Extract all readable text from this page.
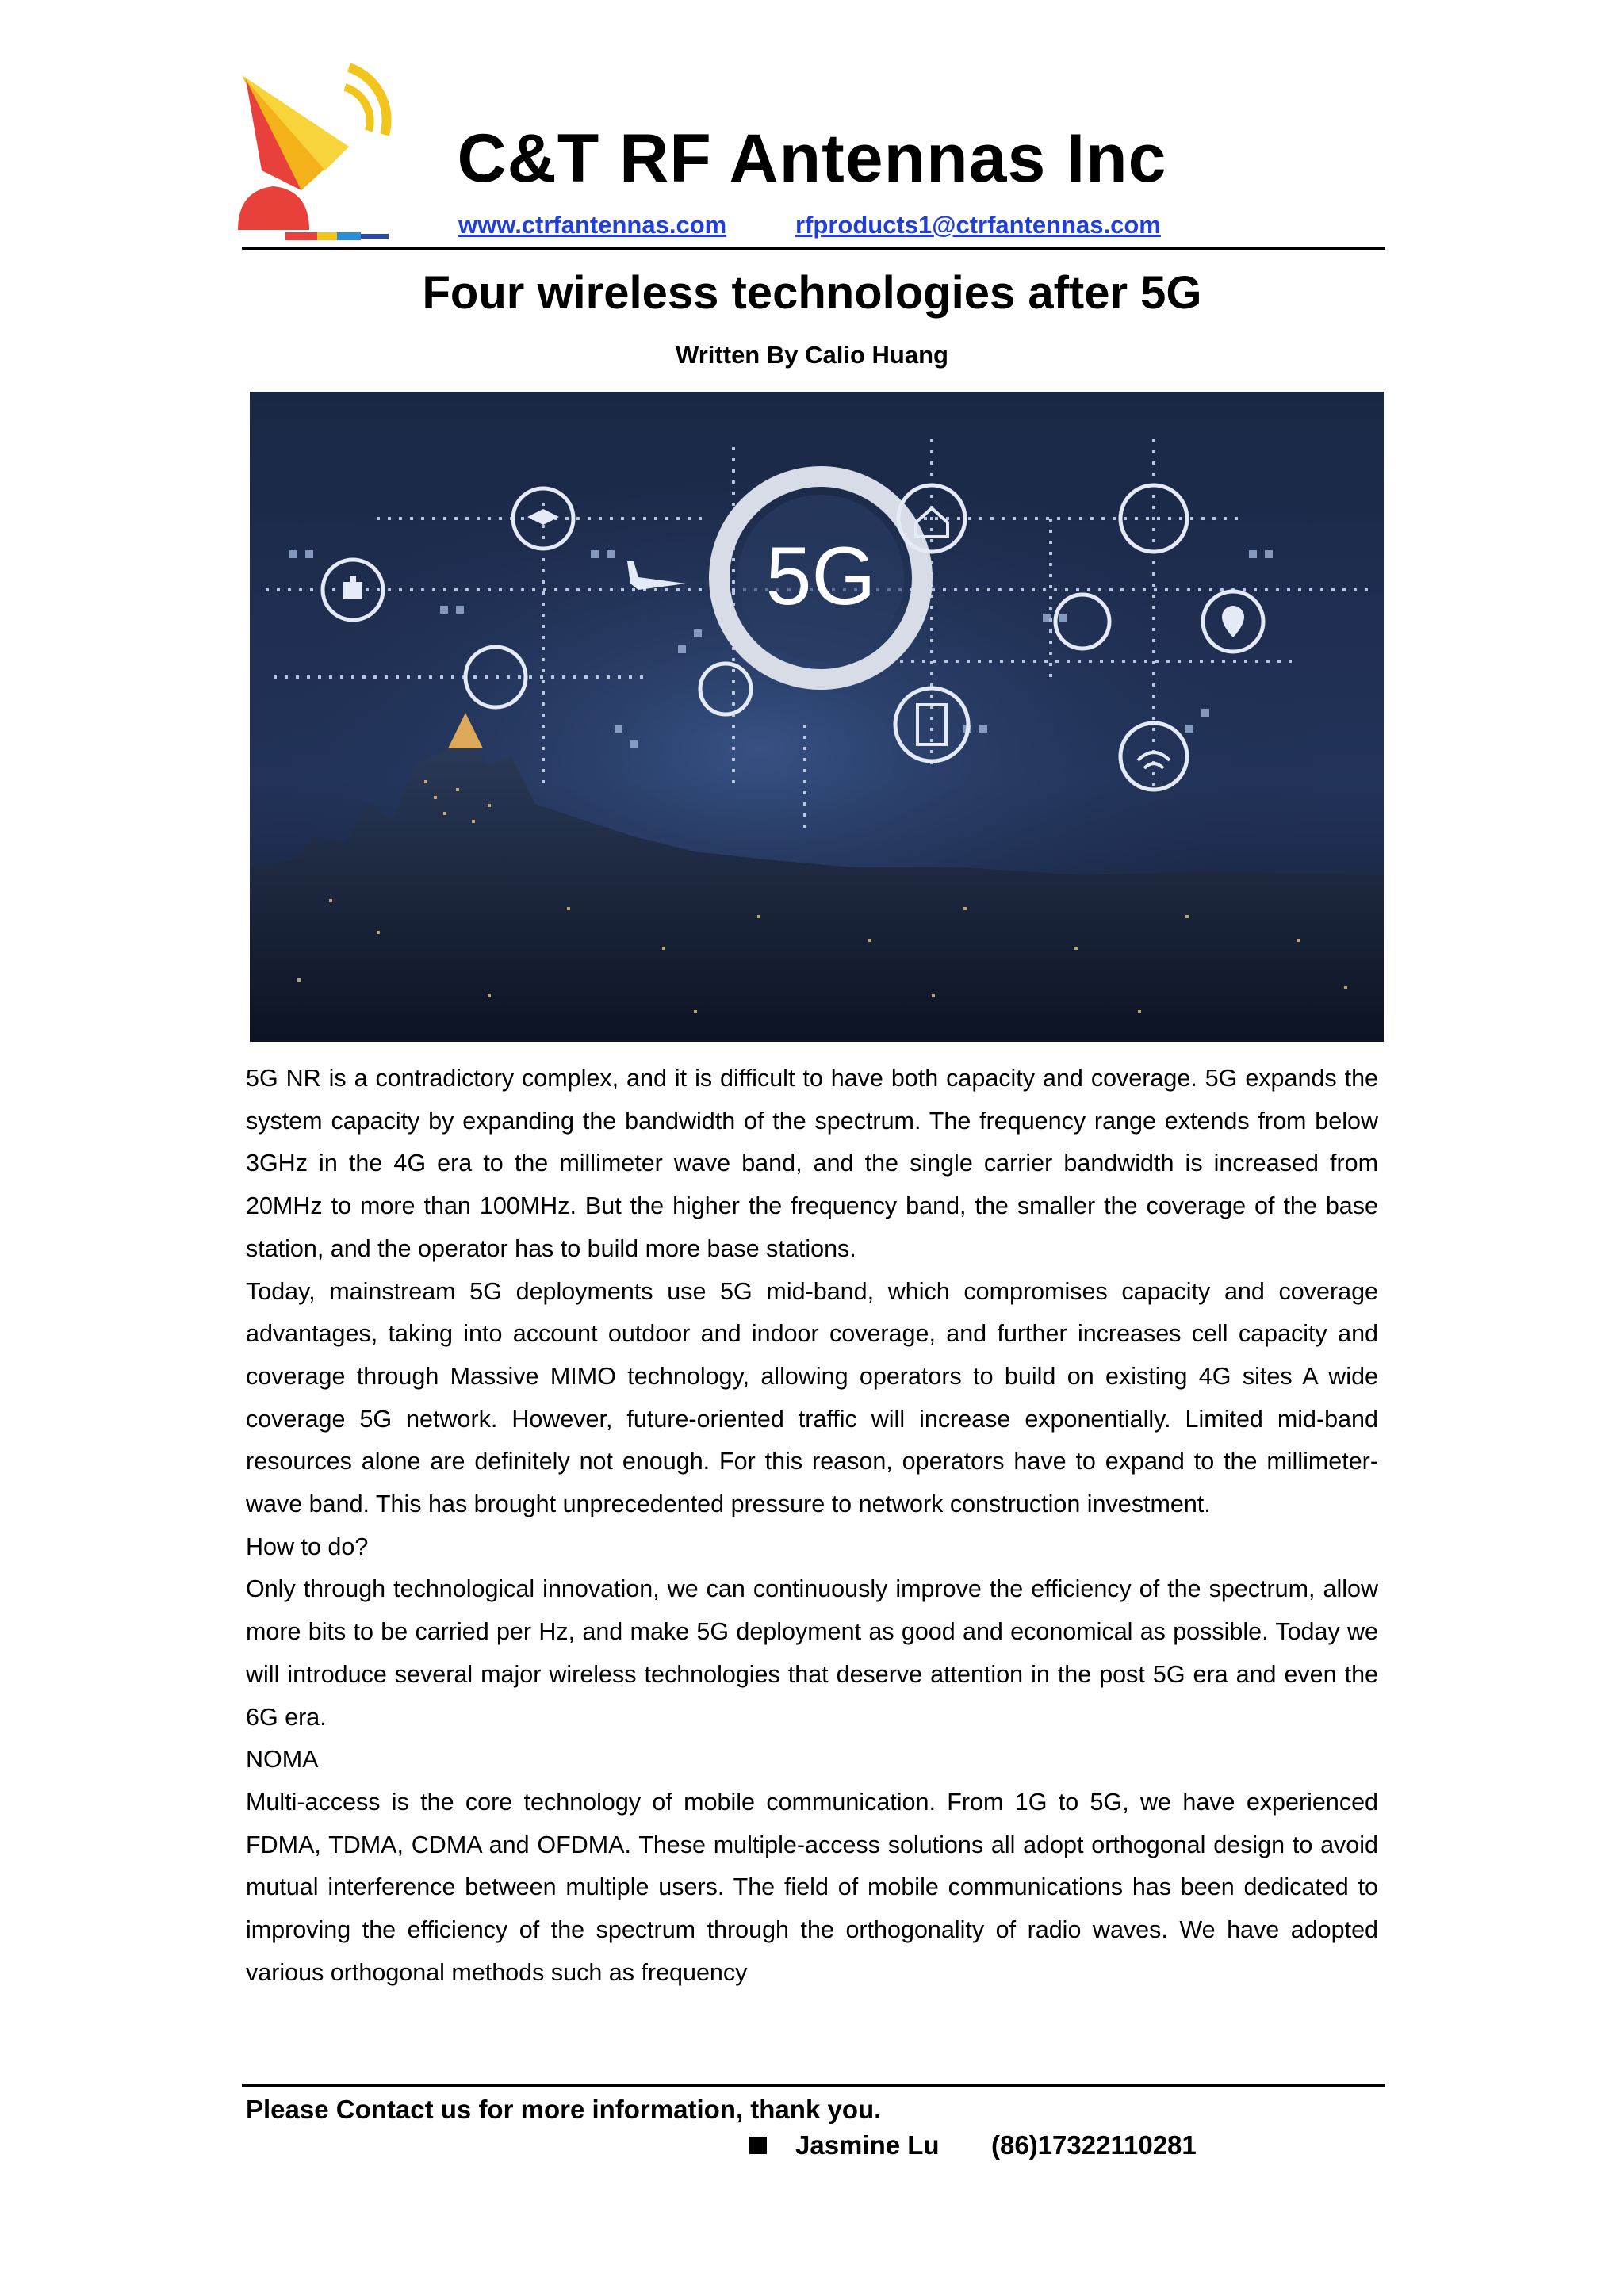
C&T RF Antennas Inc
www.ctrfantennas.com	rfproducts1@ctrfantennas.com
Four wireless technologies after 5G
Written By Calio Huang
5G

5G NR is a contradictory complex, and it is difficult to have both capacity and coverage. 5G expands the system capacity by expanding the bandwidth of the spectrum. The frequency range extends from below 3GHz in the 4G era to the millimeter wave band, and the single carrier bandwidth is increased from 20MHz to more than 100MHz. But the higher the frequency band, the smaller the coverage of the base station, and the operator has to build more base stations.

Today, mainstream 5G deployments use 5G mid-band, which compromises capacity and coverage advantages, taking into account outdoor and indoor coverage, and further increases cell capacity and coverage through Massive MIMO technology, allowing operators to build on existing 4G sites A wide coverage 5G network. However, future-oriented traffic will increase exponentially. Limited mid-band resources alone are definitely not enough. For this reason, operators have to expand to the millimeter-wave band. This has brought unprecedented pressure to network construction investment.

How to do?

Only through technological innovation, we can continuously improve the efficiency of the spectrum, allow more bits to be carried per Hz, and make 5G deployment as good and economical as possible. Today we will introduce several major wireless technologies that deserve attention in the post 5G era and even the 6G era.

NOMA

Multi-access is the core technology of mobile communication. From 1G to 5G, we have experienced FDMA, TDMA, CDMA and OFDMA. These multiple-access solutions all adopt orthogonal design to avoid mutual interference between multiple users. The field of mobile communications has been dedicated to improving the efficiency of the spectrum through the orthogonality of radio waves. We have adopted various orthogonal methods such as frequency

Please Contact us for more information, thank you.
Jasmine Lu (86)17322110281
